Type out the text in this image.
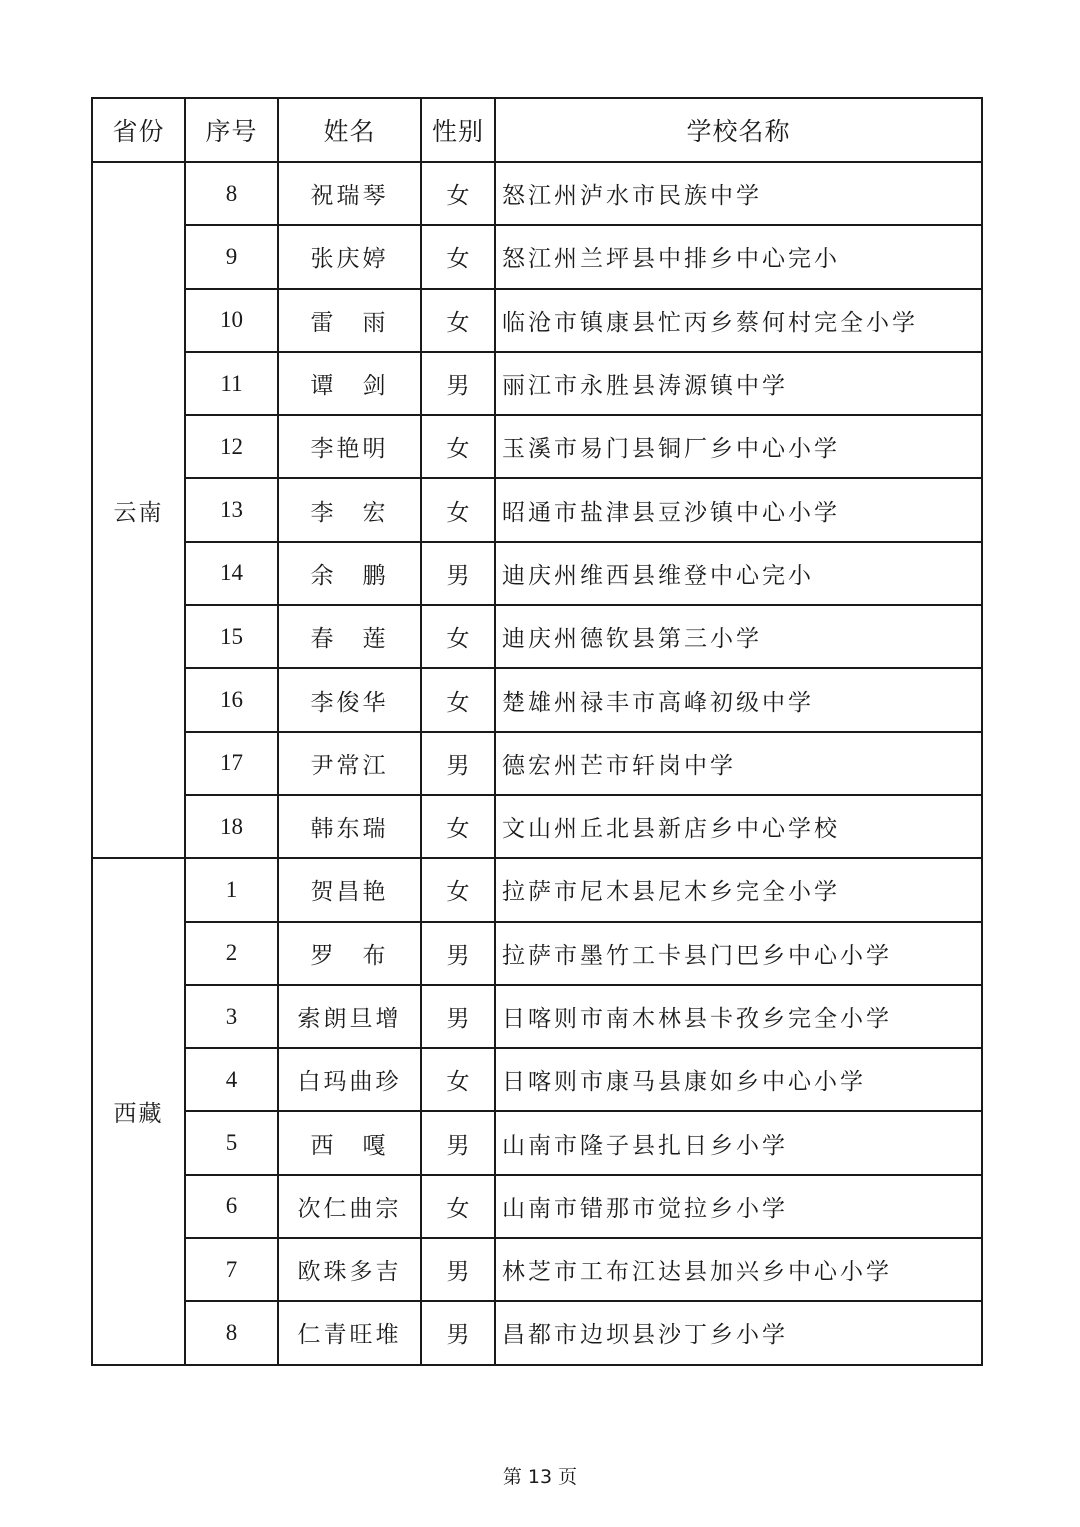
省份	序号	姓名	性别	学校名称
云南	8	祝瑞琴	女	怒江州泸水市民族中学
	9	张庆婷	女	怒江州兰坪县中排乡中心完小
	10	雷　雨	女	临沧市镇康县忙丙乡蔡何村完全小学
	11	谭　剑	男	丽江市永胜县涛源镇中学
	12	李艳明	女	玉溪市易门县铜厂乡中心小学
	13	李　宏	女	昭通市盐津县豆沙镇中心小学
	14	余　鹏	男	迪庆州维西县维登中心完小
	15	春　莲	女	迪庆州德钦县第三小学
	16	李俊华	女	楚雄州禄丰市高峰初级中学
	17	尹常江	男	德宏州芒市轩岗中学
	18	韩东瑞	女	文山州丘北县新店乡中心学校
西藏	1	贺昌艳	女	拉萨市尼木县尼木乡完全小学
	2	罗　布	男	拉萨市墨竹工卡县门巴乡中心小学
	3	索朗旦增	男	日喀则市南木林县卡孜乡完全小学
	4	白玛曲珍	女	日喀则市康马县康如乡中心小学
	5	西　嘎	男	山南市隆子县扎日乡小学
	6	次仁曲宗	女	山南市错那市觉拉乡小学
	7	欧珠多吉	男	林芝市工布江达县加兴乡中心小学
	8	仁青旺堆	男	昌都市边坝县沙丁乡小学
第 13 页
